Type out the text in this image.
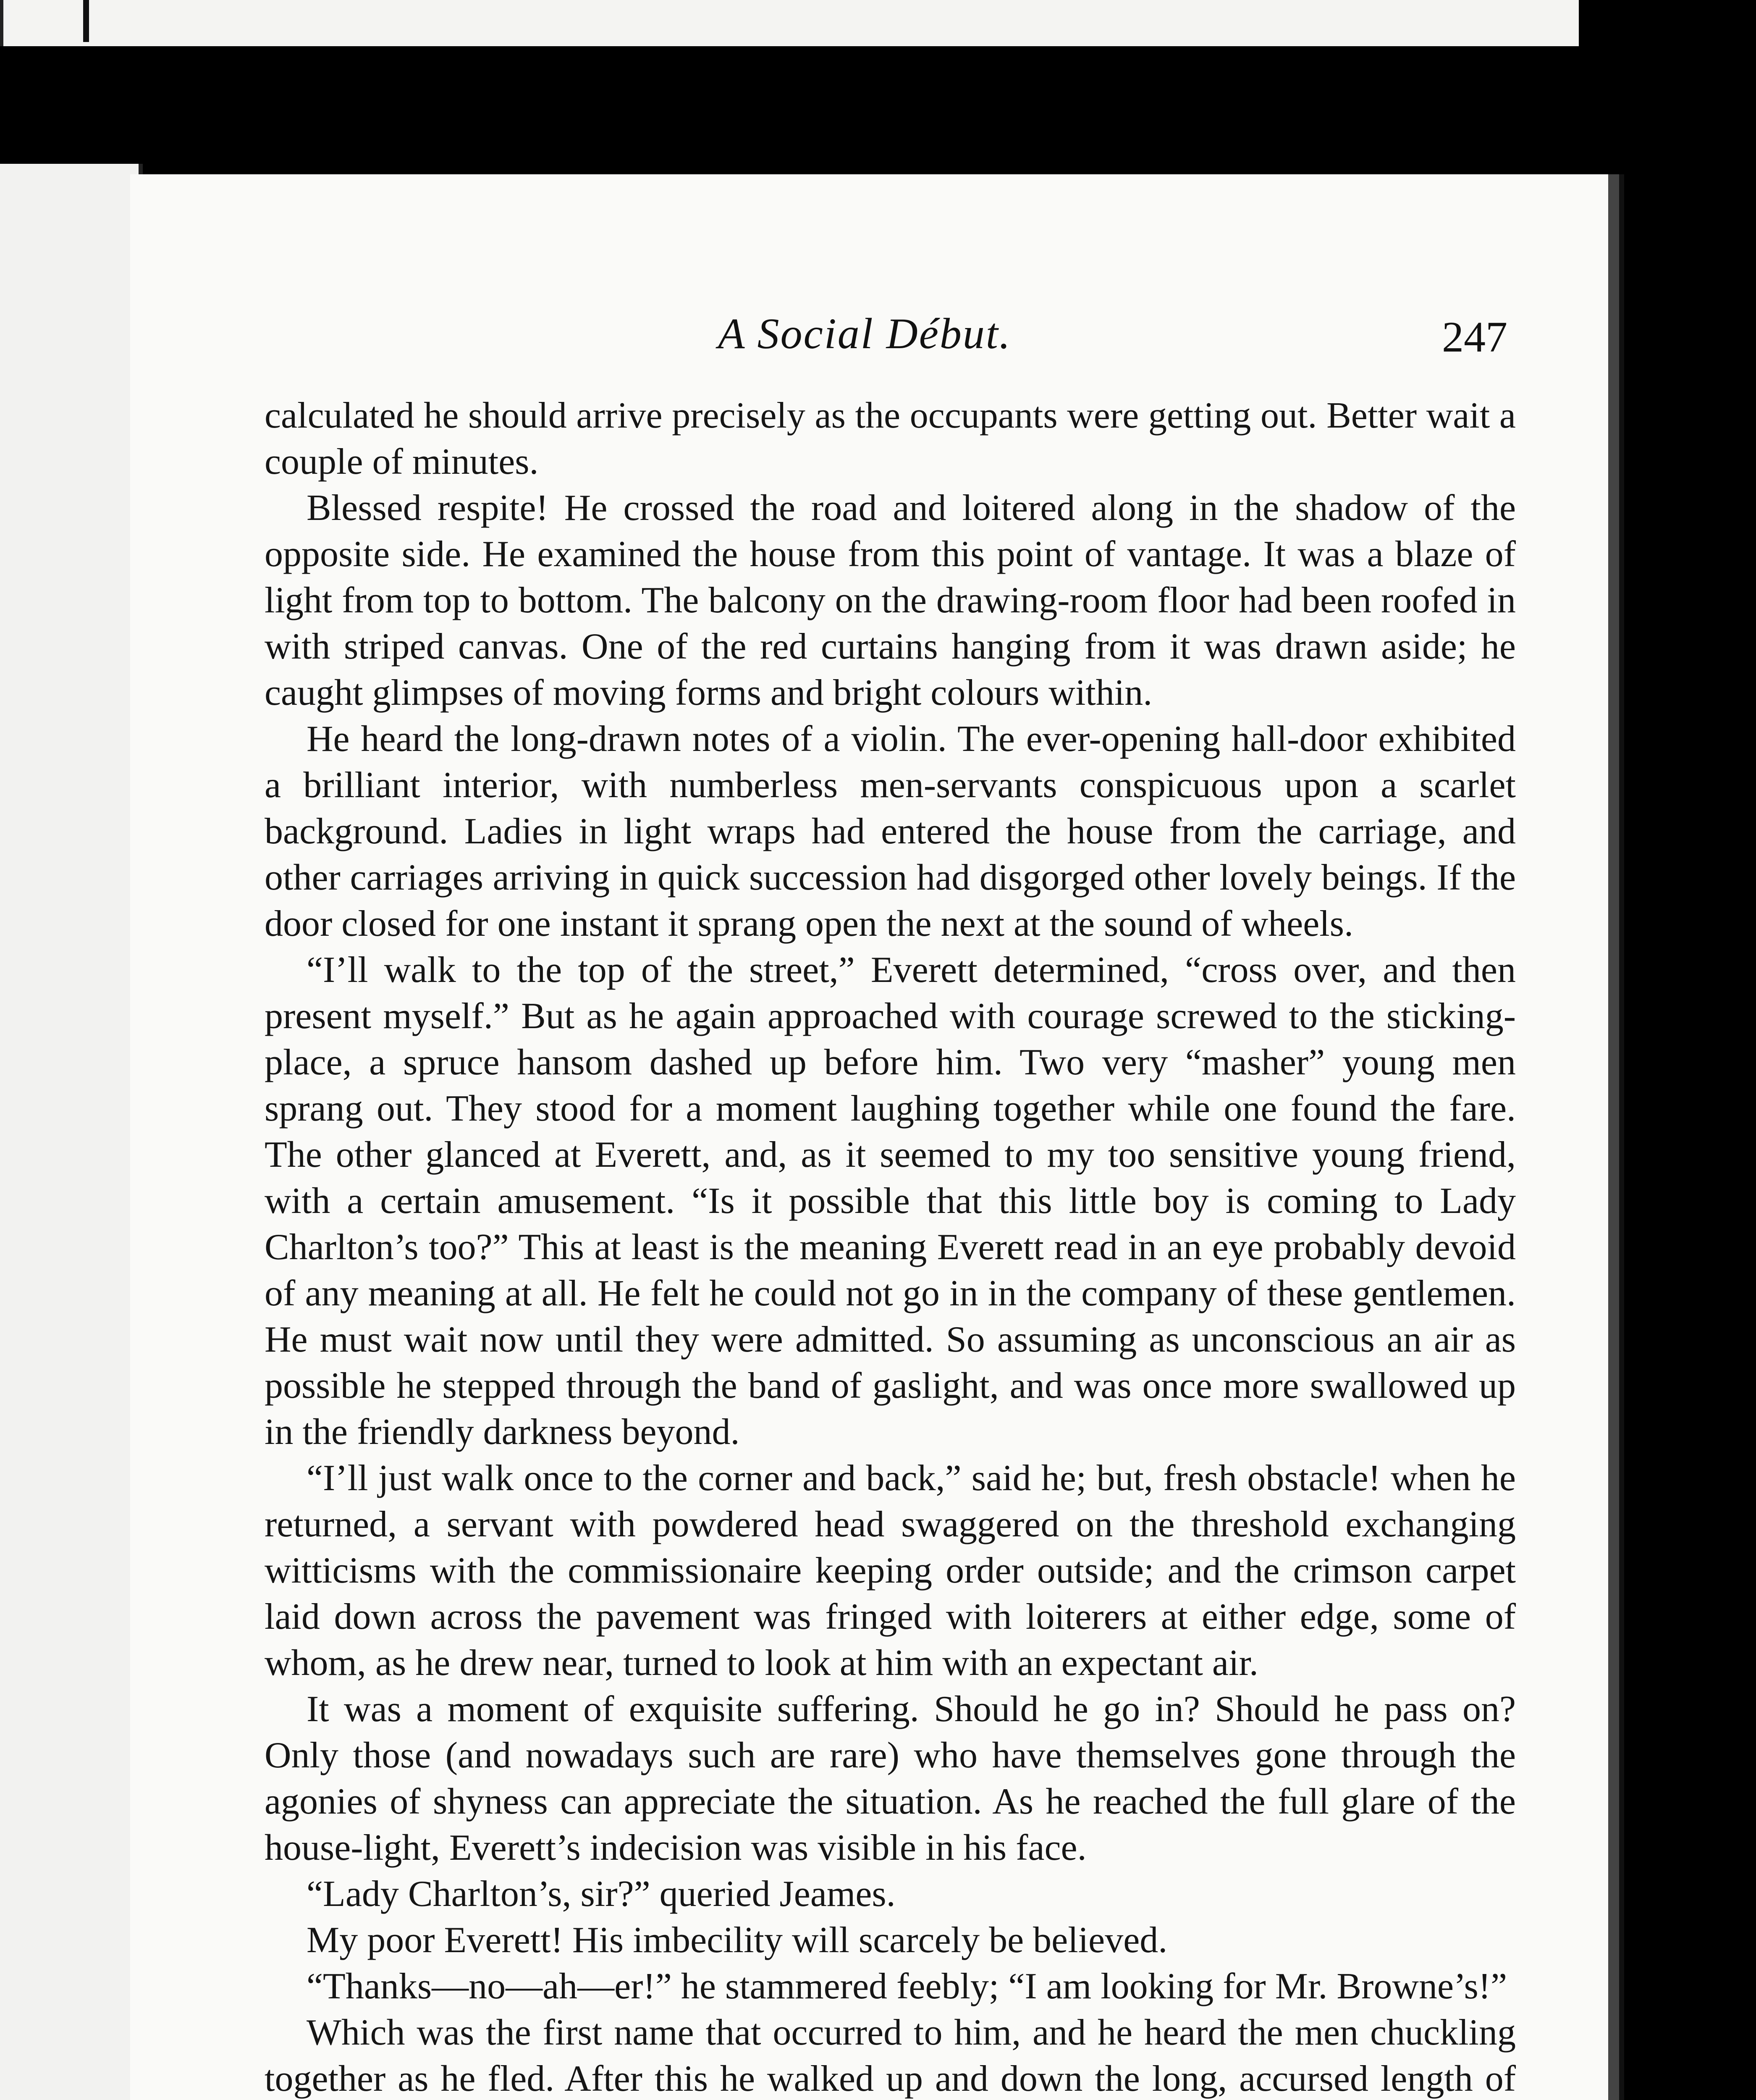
A Social Début.	247

calculated he should arrive precisely as the occupants were getting out. Better wait a couple of minutes.

Blessed respite! He crossed the road and loitered along in the shadow of the opposite side. He examined the house from this point of vantage. It was a blaze of light from top to bottom. The balcony on the drawing-room floor had been roofed in with striped canvas. One of the red curtains hanging from it was drawn aside; he caught glimpses of moving forms and bright colours within.

He heard the long-drawn notes of a violin. The ever-opening hall-door exhibited a brilliant interior, with numberless men-servants conspicuous upon a scarlet background. Ladies in light wraps had entered the house from the carriage, and other carriages arriving in quick succession had disgorged other lovely beings. If the door closed for one instant it sprang open the next at the sound of wheels.

“I’ll walk to the top of the street,” Everett determined, “cross over, and then present myself.” But as he again approached with courage screwed to the sticking-place, a spruce hansom dashed up before him. Two very “masher” young men sprang out. They stood for a moment laughing together while one found the fare. The other glanced at Everett, and, as it seemed to my too sensitive young friend, with a certain amusement. “Is it possible that this little boy is coming to Lady Charlton’s too?” This at least is the meaning Everett read in an eye probably devoid of any meaning at all. He felt he could not go in in the company of these gentlemen. He must wait now until they were admitted. So assuming as unconscious an air as possible he stepped through the band of gaslight, and was once more swallowed up in the friendly darkness beyond.

“I’ll just walk once to the corner and back,” said he; but, fresh obstacle! when he returned, a servant with powdered head swaggered on the threshold exchanging witticisms with the commissionaire keeping order outside; and the crimson carpet laid down across the pavement was fringed with loiterers at either edge, some of whom, as he drew near, turned to look at him with an expectant air.

It was a moment of exquisite suffering. Should he go in? Should he pass on? Only those (and nowadays such are rare) who have themselves gone through the agonies of shyness can appreciate the situation. As he reached the full glare of the house-light, Everett’s indecision was visible in his face.

“Lady Charlton’s, sir?” queried Jeames.

My poor Everett! His imbecility will scarcely be believed.

“Thanks—no—ah—er!” he stammered feebly; “I am looking for Mr. Browne’s!”

Which was the first name that occurred to him, and he heard the men chuckling together as he fled. After this he walked up and down the long, accursed length of
